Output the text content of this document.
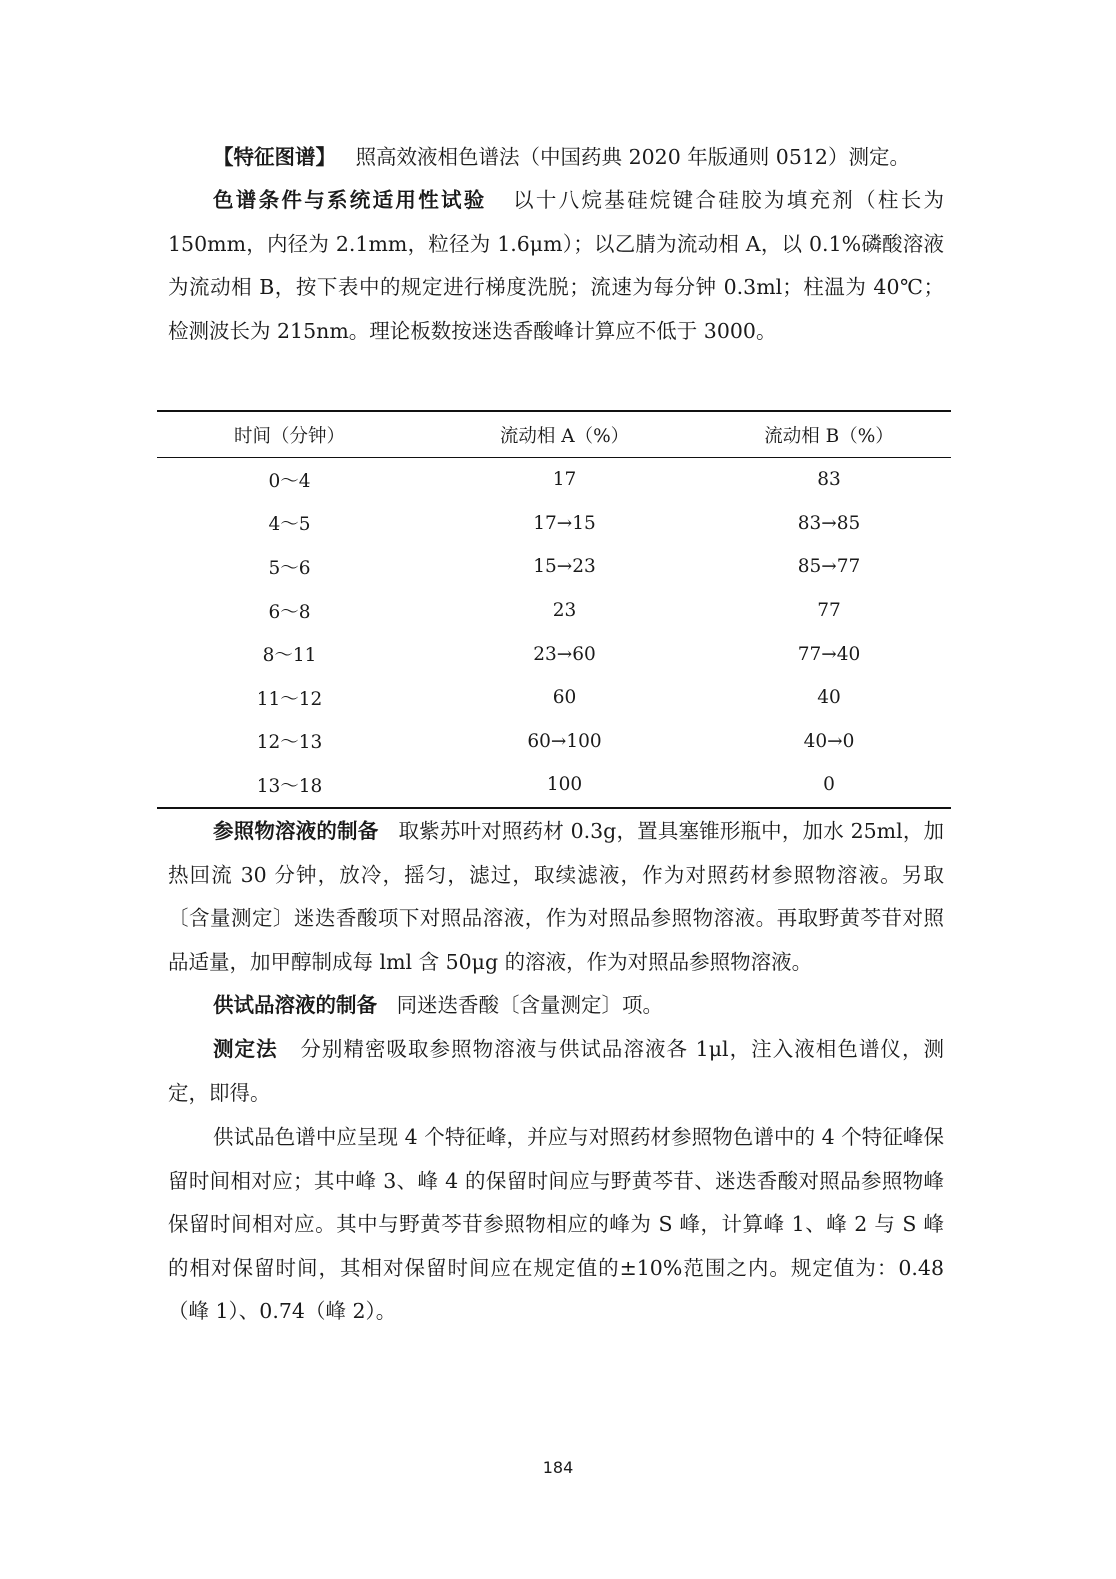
【特征图谱】 照高效液相色谱法（中国药典 2020 年版通则 0512）测定。

色谱条件与系统适用性试验 以十八烷基硅烷键合硅胶为填充剂（柱长为 150mm，内径为 2.1mm，粒径为 1.6μm）；以乙腈为流动相 A，以 0.1%磷酸溶液为流动相 B，按下表中的规定进行梯度洗脱；流速为每分钟 0.3ml；柱温为 40℃；检测波长为 215nm。理论板数按迷迭香酸峰计算应不低于 3000。

时间（分钟）	流动相 A（%）	流动相 B（%）
0～4	17	83
4～5	17→15	83→85
5～6	15→23	85→77
6～8	23	77
8～11	23→60	77→40
11～12	60	40
12～13	60→100	40→0
13～18	100	0

参照物溶液的制备 取紫苏叶对照药材 0.3g，置具塞锥形瓶中，加水 25ml，加热回流 30 分钟，放冷，摇匀，滤过，取续滤液，作为对照药材参照物溶液。另取〔含量测定〕迷迭香酸项下对照品溶液，作为对照品参照物溶液。再取野黄芩苷对照品适量，加甲醇制成每 lml 含 50μg 的溶液，作为对照品参照物溶液。

供试品溶液的制备 同迷迭香酸〔含量测定〕项。

测定法 分别精密吸取参照物溶液与供试品溶液各 1μl，注入液相色谱仪，测定，即得。

供试品色谱中应呈现 4 个特征峰，并应与对照药材参照物色谱中的 4 个特征峰保留时间相对应；其中峰 3、峰 4 的保留时间应与野黄芩苷、迷迭香酸对照品参照物峰保留时间相对应。其中与野黄芩苷参照物相应的峰为 S 峰，计算峰 1、峰 2 与 S 峰的相对保留时间，其相对保留时间应在规定值的±10%范围之内。规定值为：0.48（峰 1）、0.74（峰 2）。

184
